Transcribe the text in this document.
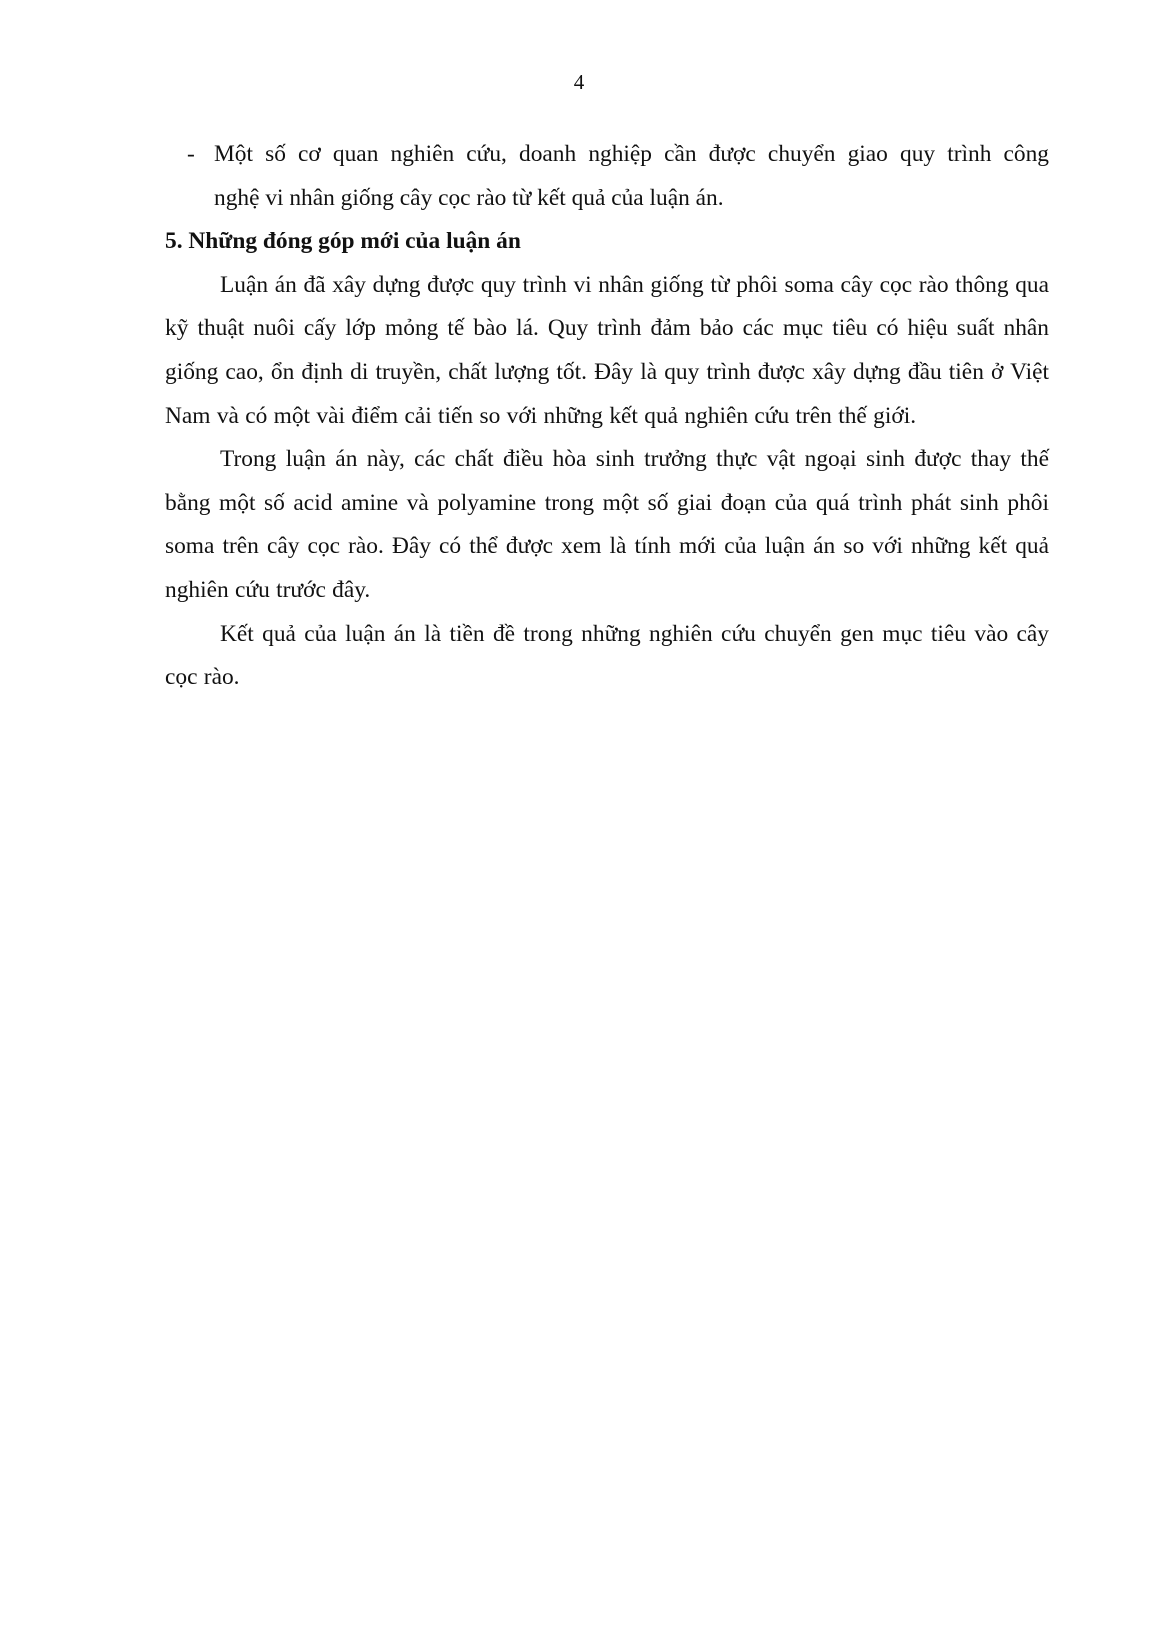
4
- Một số cơ quan nghiên cứu, doanh nghiệp cần được chuyển giao quy trình công
nghệ vi nhân giống cây cọc rào từ kết quả của luận án.

5. Những đóng góp mới của luận án

Luận án đã xây dựng được quy trình vi nhân giống từ phôi soma cây cọc rào thông qua kỹ thuật nuôi cấy lớp mỏng tế bào lá. Quy trình đảm bảo các mục tiêu có hiệu suất nhân giống cao, ổn định di truyền, chất lượng tốt. Đây là quy trình được xây dựng đầu tiên ở Việt Nam và có một vài điểm cải tiến so với những kết quả nghiên cứu trên thế giới.

Trong luận án này, các chất điều hòa sinh trưởng thực vật ngoại sinh được thay thế bằng một số acid amine và polyamine trong một số giai đoạn của quá trình phát sinh phôi soma trên cây cọc rào. Đây có thể được xem là tính mới của luận án so với những kết quả nghiên cứu trước đây.

Kết quả của luận án là tiền đề trong những nghiên cứu chuyển gen mục tiêu vào cây cọc rào.
